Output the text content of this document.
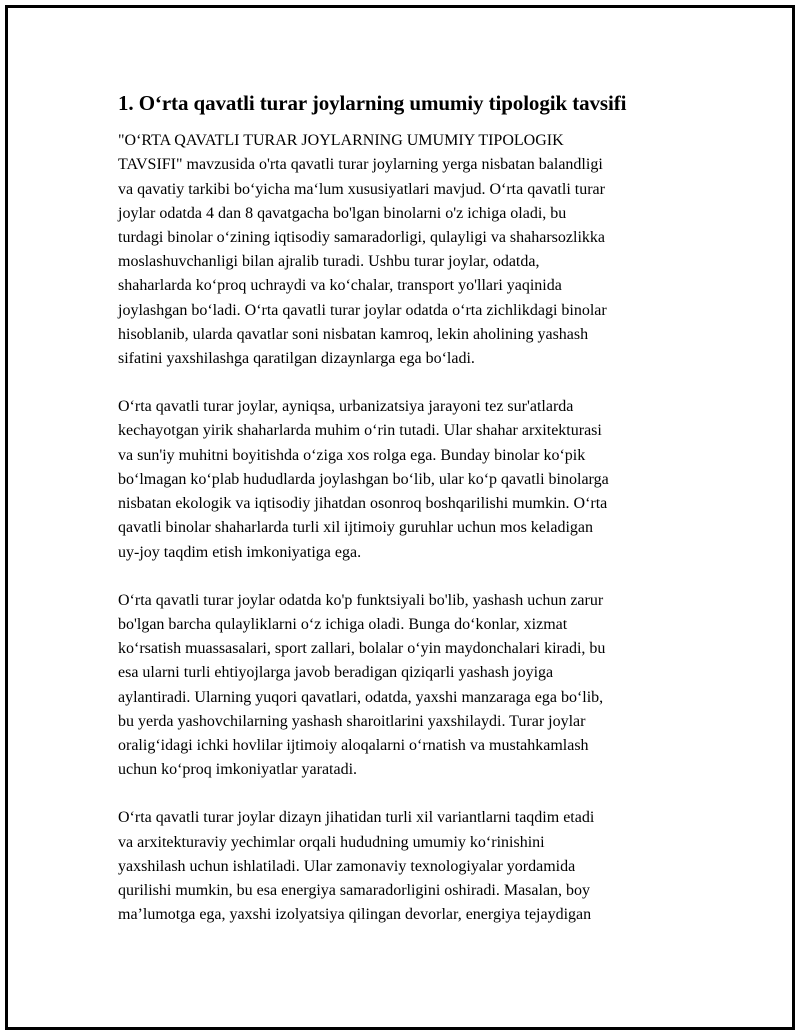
1. O‘rta qavatli turar joylarning umumiy tipologik tavsifi

"O‘RTA QAVATLI TURAR JOYLARNING UMUMIY TIPOLOGIK
TAVSIFI" mavzusida o'rta qavatli turar joylarning yerga nisbatan balandligi
va qavatiy tarkibi bo‘yicha ma‘lum xususiyatlari mavjud. O‘rta qavatli turar
joylar odatda 4 dan 8 qavatgacha bo'lgan binolarni o'z ichiga oladi, bu
turdagi binolar o‘zining iqtisodiy samaradorligi, qulayligi va shaharsozlikka
moslashuvchanligi bilan ajralib turadi. Ushbu turar joylar, odatda,
shaharlarda ko‘proq uchraydi va ko‘chalar, transport yo'llari yaqinida
joylashgan bo‘ladi. O‘rta qavatli turar joylar odatda o‘rta zichlikdagi binolar
hisoblanib, ularda qavatlar soni nisbatan kamroq, lekin aholining yashash
sifatini yaxshilashga qaratilgan dizaynlarga ega bo‘ladi.

O‘rta qavatli turar joylar, ayniqsa, urbanizatsiya jarayoni tez sur'atlarda
kechayotgan yirik shaharlarda muhim o‘rin tutadi. Ular shahar arxitekturasi
va sun'iy muhitni boyitishda o‘ziga xos rolga ega. Bunday binolar ko‘pik
bo‘lmagan ko‘plab hududlarda joylashgan bo‘lib, ular ko‘p qavatli binolarga
nisbatan ekologik va iqtisodiy jihatdan osonroq boshqarilishi mumkin. O‘rta
qavatli binolar shaharlarda turli xil ijtimoiy guruhlar uchun mos keladigan
uy-joy taqdim etish imkoniyatiga ega.

O‘rta qavatli turar joylar odatda ko'p funktsiyali bo'lib, yashash uchun zarur
bo'lgan barcha qulayliklarni o‘z ichiga oladi. Bunga do‘konlar, xizmat
ko‘rsatish muassasalari, sport zallari, bolalar o‘yin maydonchalari kiradi, bu
esa ularni turli ehtiyojlarga javob beradigan qiziqarli yashash joyiga
aylantiradi. Ularning yuqori qavatlari, odatda, yaxshi manzaraga ega bo‘lib,
bu yerda yashovchilarning yashash sharoitlarini yaxshilaydi. Turar joylar
oralig‘idagi ichki hovlilar ijtimoiy aloqalarni o‘rnatish va mustahkamlash
uchun ko‘proq imkoniyatlar yaratadi.

O‘rta qavatli turar joylar dizayn jihatidan turli xil variantlarni taqdim etadi
va arxitekturaviy yechimlar orqali hududning umumiy ko‘rinishini
yaxshilash uchun ishlatiladi. Ular zamonaviy texnologiyalar yordamida
qurilishi mumkin, bu esa energiya samaradorligini oshiradi. Masalan, boy
ma’lumotga ega, yaxshi izolyatsiya qilingan devorlar, energiya tejaydigan
